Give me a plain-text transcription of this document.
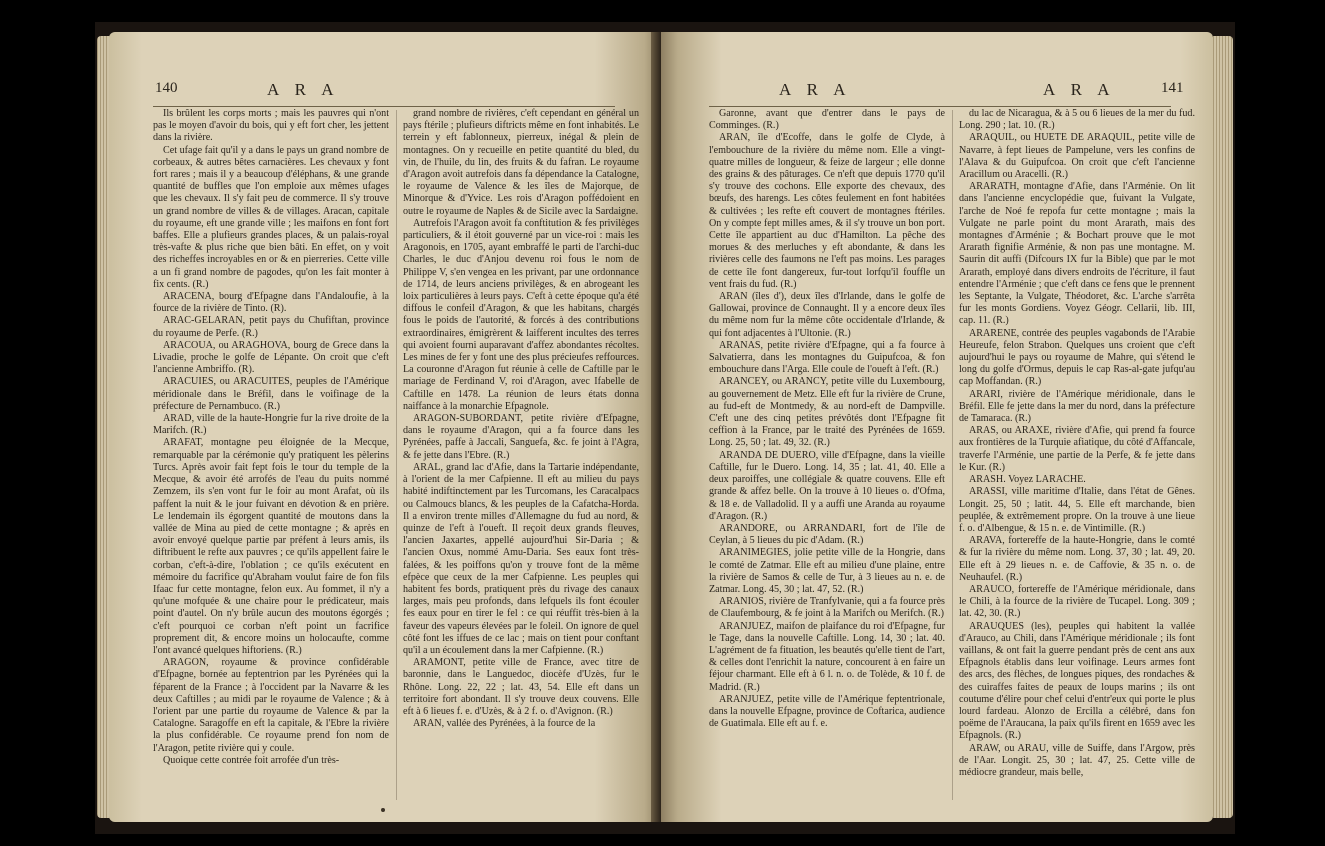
140	A R A

Ils brûlent les corps morts ; mais les pauvres qui n'ont pas le moyen d'avoir du bois, qui y eft fort cher, les jettent dans la rivière.

Cet ufage fait qu'il y a dans le pays un grand nombre de corbeaux, & autres bêtes carnacières. Les chevaux y font fort rares ; mais il y a beaucoup d'éléphans, & une grande quantité de buffles que l'on emploie aux mêmes ufages que les chevaux. Il s'y fait peu de commerce. Il s'y trouve un grand nombre de villes & de villages. Aracan, capitale du royaume, eft une grande ville ; les maifons en font fort baffes. Elle a plufieurs grandes places, & un palais-royal très-vafte & plus riche que bien bâti. En effet, on y voit des richeffes incroyables en or & en pierreries. Cette ville a un fi grand nombre de pagodes, qu'on les fait monter à fix cents. (R.)

ARACENA, bourg d'Efpagne dans l'Andaloufie, à la fource de la rivière de Tinto. (R).

ARAC-GELARAN, petit pays du Chufiftan, province du royaume de Perfe. (R.)

ARACOUA, ou ARAGHOVA, bourg de Grece dans la Livadie, proche le golfe de Lépante. On croit que c'eft l'ancienne Ambriffo. (R).

ARACUIES, ou ARACUITES, peuples de l'Amérique méridionale dans le Bréfil, dans le voifinage de la préfecture de Pernambuco. (R.)

ARAD, ville de la haute-Hongrie fur la rive droite de la Marifch. (R.)

ARAFAT, montagne peu éloignée de la Mecque, remarquable par la cérémonie qu'y pratiquent les pèlerins Turcs. Après avoir fait fept fois le tour du temple de la Mecque, & avoir été arrofés de l'eau du puits nommé Zemzem, ils s'en vont fur le foir au mont Arafat, où ils paffent la nuit & le jour fuivant en dévotion & en prière. Le lendemain ils égorgent quantité de moutons dans la vallée de Mina au pied de cette montagne ; & après en avoir envoyé quelque partie par préfent à leurs amis, ils diftribuent le refte aux pauvres ; ce qu'ils appellent faire le corban, c'eft-à-dire, l'oblation ; ce qu'ils exécutent en mémoire du facrifice qu'Abraham voulut faire de fon fils Ifaac fur cette montagne, felon eux. Au fommet, il n'y a qu'une mofquée & une chaire pour le prédicateur, mais point d'autel. On n'y brûle aucun des moutons égorgés ; c'eft pourquoi ce corban n'eft point un facrifice proprement dit, & encore moins un holocaufte, comme l'ont avancé quelques hiftoriens. (R.)

ARAGON, royaume & province confidérable d'Efpagne, bornée au feptentrion par les Pyrénées qui la féparent de la France ; à l'occident par la Navarre & les deux Caftilles ; au midi par le royaume de Valence ; & à l'orient par une partie du royaume de Valence & par la Catalogne. Saragoffe en eft la capitale, & l'Ebre la rivière la plus confidérable. Ce royaume prend fon nom de l'Aragon, petite rivière qui y coule.

Quoique cette contrée foit arrofée d'un très-

grand nombre de rivières, c'eft cependant en général un pays ftérile ; plufieurs diftricts même en font inhabités. Le terrein y eft fablonneux, pierreux, inégal & plein de montagnes. On y recueille en petite quantité du bled, du vin, de l'huile, du lin, des fruits & du fafran. Le royaume d'Aragon avoit autrefois dans fa dépendance la Catalogne, le royaume de Valence & les îles de Majorque, de Minorque & d'Yvice. Les rois d'Aragon poffédoient en outre le royaume de Naples & de Sicile avec la Sardaigne.

Autrefois l'Aragon avoit fa conftitution & fes privilèges particuliers, & il étoit gouverné par un vice-roi : mais les Aragonois, en 1705, ayant embraffé le parti de l'archi-duc Charles, le duc d'Anjou devenu roi fous le nom de Philippe V, s'en vengea en les privant, par une ordonnance de 1714, de leurs anciens privilèges, & en abrogeant les loix particulières à leurs pays. C'eft à cette époque qu'a été diffous le confeil d'Aragon, & que les habitans, chargés fous le poids de l'autorité, & forcés à des contributions extraordinaires, émigrèrent & laifferent incultes des terres qui avoient fourni auparavant d'affez abondantes récoltes. Les mines de fer y font une des plus précieufes reffources. La couronne d'Aragon fut réunie à celle de Caftille par le mariage de Ferdinand V, roi d'Aragon, avec Ifabelle de Caftille en 1478. La réunion de leurs états donna naiffance à la monarchie Efpagnole.

ARAGON-SUBORDANT, petite rivière d'Efpagne, dans le royaume d'Aragon, qui a fa fource dans les Pyrénées, paffe à Jaccali, Sanguefa, &c. fe joint à l'Agra, & fe jette dans l'Ebre. (R.)

ARAL, grand lac d'Afie, dans la Tartarie indépendante, à l'orient de la mer Cafpienne. Il eft au milieu du pays habité indiftinctement par les Turcomans, les Caracalpacs ou Calmoucs blancs, & les peuples de la Cafatcha-Horda. Il a environ trente milles d'Allemagne du fud au nord, & quinze de l'eft à l'oueft. Il reçoit deux grands fleuves, l'ancien Jaxartes, appellé aujourd'hui Sir-Daria ; & l'ancien Oxus, nommé Amu-Daria. Ses eaux font très-falées, & les poiffons qu'on y trouve font de la même efpèce que ceux de la mer Cafpienne. Les peuples qui habitent fes bords, pratiquent près du rivage des canaux larges, mais peu profonds, dans lefquels ils font écouler fes eaux pour en tirer le fel : ce qui réuffit très-bien à la faveur des vapeurs élevées par le foleil. On ignore de quel côté font les iffues de ce lac ; mais on tient pour conftant qu'il a un écoulement dans la mer Cafpienne. (R.)

ARAMONT, petite ville de France, avec titre de baronnie, dans le Languedoc, diocèfe d'Uzès, fur le Rhône. Long. 22, 22 ; lat. 43, 54. Elle eft dans un territoire fort abondant. Il s'y trouve deux couvens. Elle eft à 6 lieues f. e. d'Uzès, & à 2 f. o. d'Avignon. (R.)

ARAN, vallée des Pyrénées, à la fource de la

A R A	A R A	141

Garonne, avant que d'entrer dans le pays de Comminges. (R.)

ARAN, île d'Ecoffe, dans le golfe de Clyde, à l'embouchure de la rivière du même nom. Elle a vingt-quatre milles de longueur, & feize de largeur ; elle donne des grains & des pâturages. Ce n'eft que depuis 1770 qu'il s'y trouve des cochons. Elle exporte des chevaux, des bœufs, des harengs. Les côtes feulement en font habitées & cultivées ; les refte eft couvert de montagnes ftériles. On y compte fept milles ames, & il s'y trouve un bon port. Cette île appartient au duc d'Hamilton. La pêche des morues & des merluches y eft abondante, & dans les rivières celle des faumons ne l'eft pas moins. Les parages de cette île font dangereux, fur-tout lorfqu'il fouffle un vent frais du fud. (R.)

ARAN (îles d'), deux îles d'Irlande, dans le golfe de Gallowai, province de Connaught. Il y a encore deux îles du même nom fur la même côte occidentale d'Irlande, & qui font adjacentes à l'Ultonie. (R.)

ARANAS, petite rivière d'Efpagne, qui a fa fource à Salvatierra, dans les montagnes du Guipufcoa, & fon embouchure dans l'Arga. Elle coule de l'oueft à l'eft. (R.)

ARANCEY, ou ARANCY, petite ville du Luxembourg, au gouvernement de Metz. Elle eft fur la rivière de Crune, au fud-eft de Montmedy, & au nord-eft de Dampville. C'eft une des cinq petites prévôtés dont l'Efpagne fit ceffion à la France, par le traité des Pyrénées de 1659. Long. 25, 50 ; lat. 49, 32. (R.)

ARANDA DE DUERO, ville d'Efpagne, dans la vieille Caftille, fur le Duero. Long. 14, 35 ; lat. 41, 40. Elle a deux paroiffes, une collégiale & quatre couvens. Elle eft grande & affez belle. On la trouve à 10 lieues o. d'Ofma, & 18 e. de Valladolid. Il y a auffi une Aranda au royaume d'Aragon. (R.)

ARANDORE, ou ARRANDARI, fort de l'île de Ceylan, à 5 lieues du pic d'Adam. (R.)

ARANIMEGIES, jolie petite ville de la Hongrie, dans le comté de Zatmar. Elle eft au milieu d'une plaine, entre la rivière de Samos & celle de Tur, à 3 lieues au n. e. de Zatmar. Long. 45, 30 ; lat. 47, 52. (R.)

ARANIOS, rivière de Tranfylvanie, qui a fa fource près de Claufembourg, & fe joint à la Marifch ou Merifch. (R.)

ARANJUEZ, maifon de plaifance du roi d'Efpagne, fur le Tage, dans la nouvelle Caftille. Long. 14, 30 ; lat. 40. L'agrément de fa fituation, les beautés qu'elle tient de l'art, & celles dont l'enrichit la nature, concourent à en faire un féjour charmant. Elle eft à 6 l. n. o. de Tolède, & 10 f. de Madrid. (R.)

ARANJUEZ, petite ville de l'Amérique feptentrionale, dans la nouvelle Efpagne, province de Coftarica, audience de Guatimala. Elle eft au f. e.

du lac de Nicaragua, & à 5 ou 6 lieues de la mer du fud. Long. 290 ; lat. 10. (R.)

ARAQUIL, ou HUETE DE ARAQUIL, petite ville de Navarre, à fept lieues de Pampelune, vers les confins de l'Alava & du Guipufcoa. On croit que c'eft l'ancienne Aracillum ou Aracelli. (R.)

ARARATH, montagne d'Afie, dans l'Arménie. On lit dans l'ancienne encyclopédie que, fuivant la Vulgate, l'arche de Noé fe repofa fur cette montagne ; mais la Vulgate ne parle point du mont Ararath, mais des montagnes d'Arménie ; & Bochart prouve que le mot Ararath fignifie Arménie, & non pas une montagne. M. Saurin dit auffi (Difcours IX fur la Bible) que par le mot Ararath, employé dans divers endroits de l'écriture, il faut entendre l'Arménie ; que c'eft dans ce fens que le prennent les Septante, la Vulgate, Théodoret, &c. L'arche s'arrêta fur les monts Gordiens. Voyez Géogr. Cellarii, lib. III, cap. 11. (R.)

ARARENE, contrée des peuples vagabonds de l'Arabie Heureufe, felon Strabon. Quelques uns croient que c'eft aujourd'hui le pays ou royaume de Mahre, qui s'étend le long du golfe d'Ormus, depuis le cap Ras-al-gate jufqu'au cap Moffandan. (R.)

ARARI, rivière de l'Amérique méridionale, dans le Bréfil. Elle fe jette dans la mer du nord, dans la préfecture de Tamaraca. (R.)

ARAS, ou ARAXE, rivière d'Afie, qui prend fa fource aux frontières de la Turquie afiatique, du côté d'Affancale, traverfe l'Arménie, une partie de la Perfe, & fe jette dans le Kur. (R.)

ARASH. Voyez LARACHE.

ARASSI, ville maritime d'Italie, dans l'état de Gênes. Longit. 25, 50 ; latit. 44, 5. Elle eft marchande, bien peuplée, & extrêmement propre. On la trouve à une lieue f. o. d'Albengue, & 15 n. e. de Vintimille. (R.)

ARAVA, fortereffe de la haute-Hongrie, dans le comté & fur la rivière du même nom. Long. 37, 30 ; lat. 49, 20. Elle eft à 29 lieues n. e. de Caffovie, & 35 n. o. de Neuhaufel. (R.)

ARAUCO, fortereffe de l'Amérique méridionale, dans le Chili, à la fource de la rivière de Tucapel. Long. 309 ; lat. 42, 30. (R.)

ARAUQUES (les), peuples qui habitent la vallée d'Arauco, au Chili, dans l'Amérique méridionale ; ils font vaillans, & ont fait la guerre pendant près de cent ans aux Efpagnols établis dans leur voifinage. Leurs armes font des arcs, des flèches, de longues piques, des rondaches & des cuiraffes faites de peaux de loups marins ; ils ont coutume d'élire pour chef celui d'entr'eux qui porte le plus lourd fardeau. Alonzo de Ercilla a célébré, dans fon poëme de l'Araucana, la paix qu'ils firent en 1659 avec les Efpagnols. (R.)

ARAW, ou ARAU, ville de Suiffe, dans l'Argow, près de l'Aar. Longit. 25, 30 ; lat. 47, 25. Cette ville de médiocre grandeur, mais belle,
